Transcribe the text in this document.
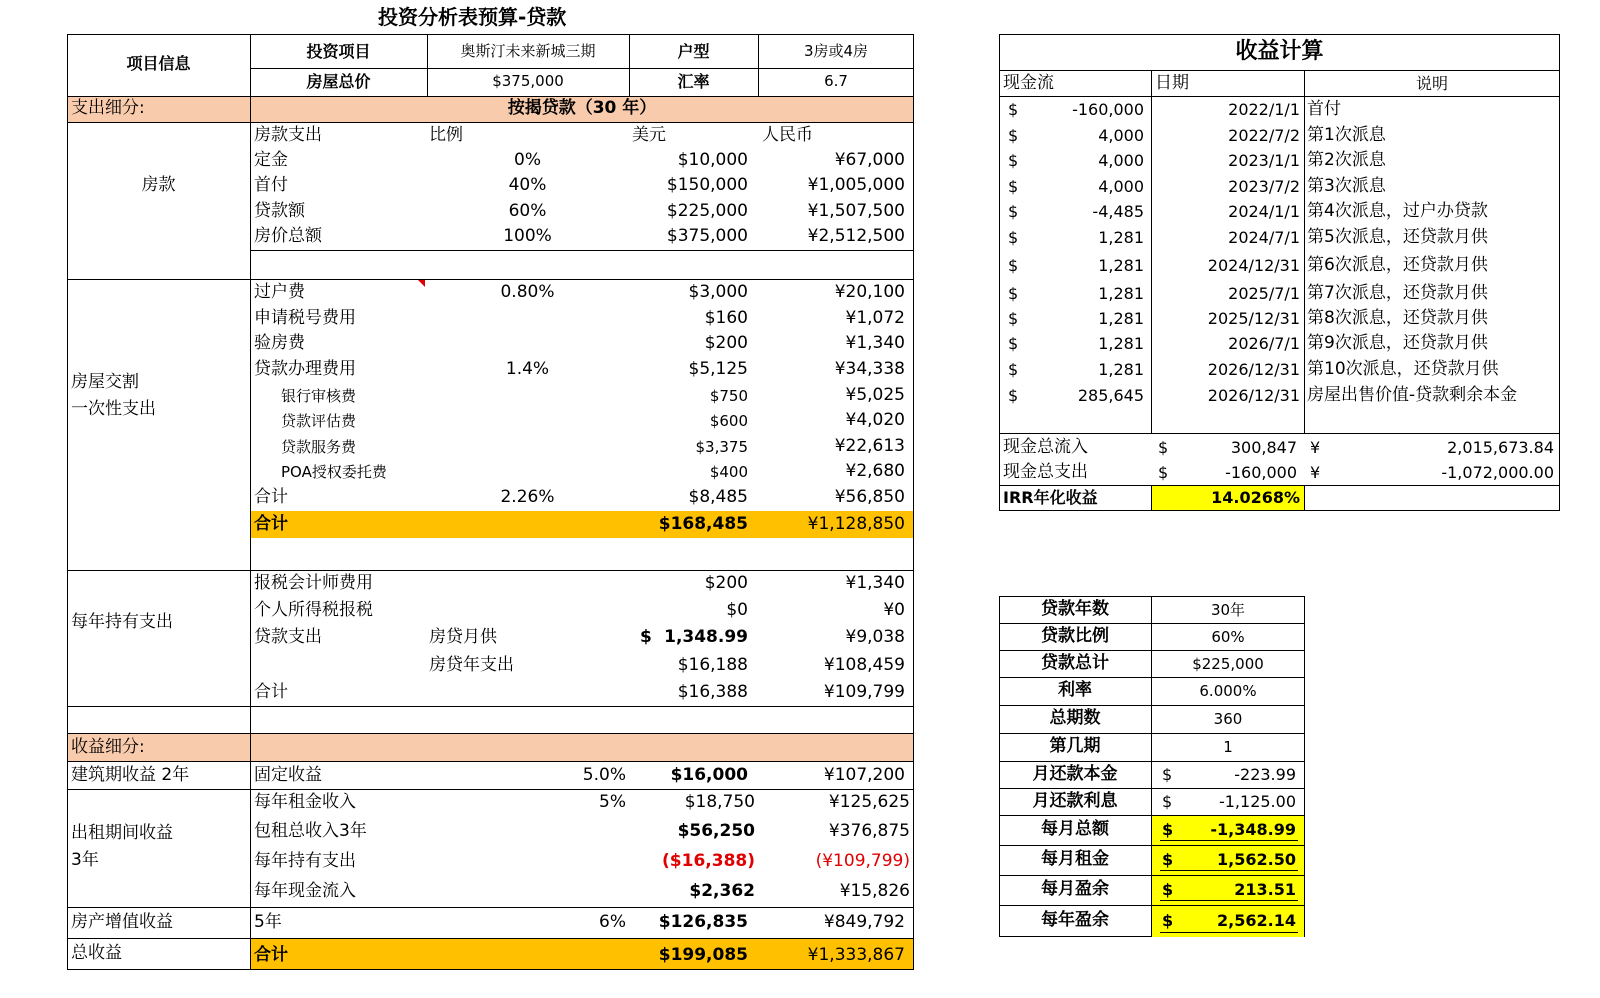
投资分析表预算-贷款
项目信息
投资项目	奥斯汀未来新城三期	户型	3房或4房
房屋总价	$375,000	汇率	6.7
支出细分:	按揭贷款（30 年）
房款
比例	美元	人民币
房款支出
定金	0%	$10,000	¥67,000
首付	40%	$150,000	¥1,005,000
贷款额	60%	$225,000	¥1,507,500
房价总额	100%	$375,000	¥2,512,500
房屋交割
一次性支出
过户费	0.80%	$3,000	¥20,100
申请税号费用	$160	¥1,072
验房费	$200	¥1,340
贷款办理费用	1.4%	$5,125	¥34,338
银行审核费	$750	¥5,025
贷款评估费	$600	¥4,020
贷款服务费	$3,375	¥22,613
POA授权委托费	$400	¥2,680
合计	2.26%	$8,485	¥56,850
合计	$168,485	¥1,128,850
每年持有支出
报税会计师费用	$200	¥1,340
个人所得税报税	$0	¥0
贷款支出	房贷月供	$ 1,348.99	¥9,038
房贷年支出	$16,188	¥108,459
合计	$16,388	¥109,799
收益细分:
建筑期收益 2年	固定收益	5.0%	$16,000	¥107,200
出租期间收益
3年
每年租金收入	5%	$18,750	¥125,625
包租总收入3年	$56,250	¥376,875
每年持有支出	($16,388)	(¥109,799)
每年现金流入	$2,362	¥15,826
房产增值收益	5年	6%	$126,835	¥849,792
总收益	合计	$199,085	¥1,333,867
收益计算
现金流	日期	说明
$	-160,000	2022/1/1 首付
$	4,000	2022/7/2 第1次派息
$	4,000	2023/1/1 第2次派息
$	4,000	2023/7/2 第3次派息
$	-4,485	2024/1/1 第4次派息，过户办贷款
$	1,281	2024/7/1 第5次派息，还贷款月供
$	1,281	2024/12/31 第6次派息，还贷款月供
$	1,281	2025/7/1 第7次派息，还贷款月供
$	1,281	2025/12/31 第8次派息，还贷款月供
$	1,281	2026/7/1 第9次派息，还贷款月供
$	1,281	2026/12/31 第10次派息，还贷款月供
$	285,645	2026/12/31 房屋出售价值-贷款剩余本金
现金总流入	$	300,847 ¥	2,015,673.84
现金总支出	$	-160,000 ¥	-1,072,000.00
IRR年化收益	14.0268%
贷款年数	30年
贷款比例	60%
贷款总计	$225,000
利率	6.000%
总期数	360
第几期	1
月还款本金	$	-223.99
月还款利息	$	-1,125.00
每月总额	$	-1,348.99
每月租金	$	1,562.50
每月盈余	$	213.51
每年盈余	$	2,562.14
